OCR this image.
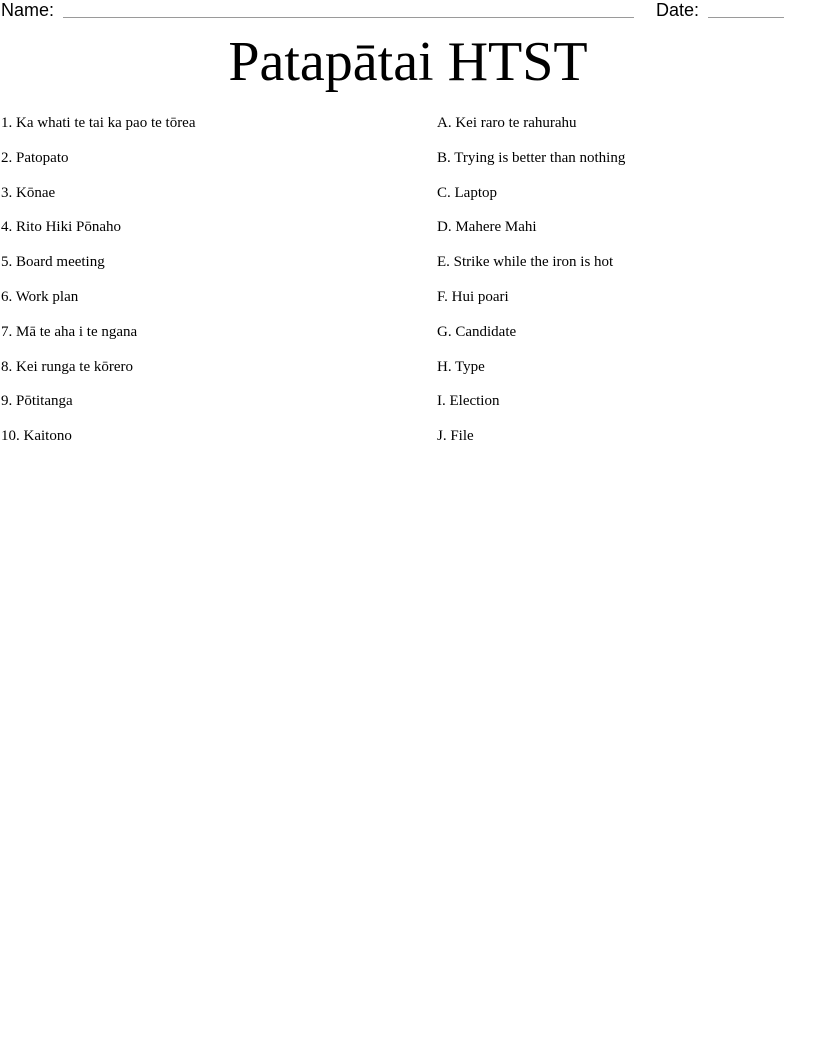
Name:	Date:
Patapātai HTST
1. Ka whati te tai ka pao te tōrea
2. Patopato
3. Kōnae
4. Rito Hiki Pōnaho
5. Board meeting
6. Work plan
7. Mā te aha i te ngana
8. Kei runga te kōrero
9. Pōtitanga
10. Kaitono
A. Kei raro te rahurahu
B. Trying is better than nothing
C. Laptop
D. Mahere Mahi
E. Strike while the iron is hot
F. Hui poari
G. Candidate
H. Type
I. Election
J. File
